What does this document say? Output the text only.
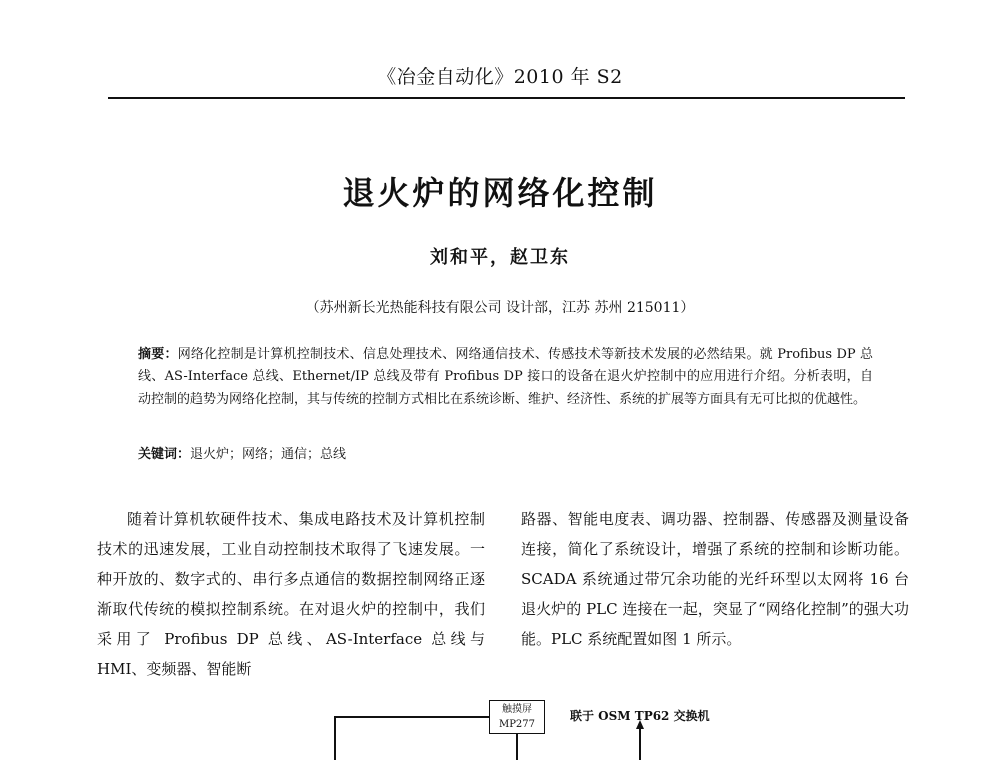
《冶金自动化》2010 年 S2
退火炉的网络化控制
刘和平，赵卫东
（苏州新长光热能科技有限公司 设计部，江苏 苏州 215011）
摘要：网络化控制是计算机控制技术、信息处理技术、网络通信技术、传感技术等新技术发展的必然结果。就 Profibus DP 总线、AS-Interface 总线、Ethernet/IP 总线及带有 Profibus DP 接口的设备在退火炉控制中的应用进行介绍。分析表明，自动控制的趋势为网络化控制，其与传统的控制方式相比在系统诊断、维护、经济性、系统的扩展等方面具有无可比拟的优越性。
关键词：退火炉；网络；通信；总线
随着计算机软硬件技术、集成电路技术及计算机控制技术的迅速发展，工业自动控制技术取得了飞速发展。一种开放的、数字式的、串行多点通信的数据控制网络正逐渐取代传统的模拟控制系统。在对退火炉的控制中，我们采用了 Profibus DP 总线、AS-Interface 总线与 HMI、变频器、智能断
路器、智能电度表、调功器、控制器、传感器及测量设备连接，简化了系统设计，增强了系统的控制和诊断功能。SCADA 系统通过带冗余功能的光纤环型以太网将 16 台退火炉的 PLC 连接在一起，突显了“网络化控制”的强大功能。PLC 系统配置如图 1 所示。
触摸屏
MP277
联于 OSM TP62 交换机
